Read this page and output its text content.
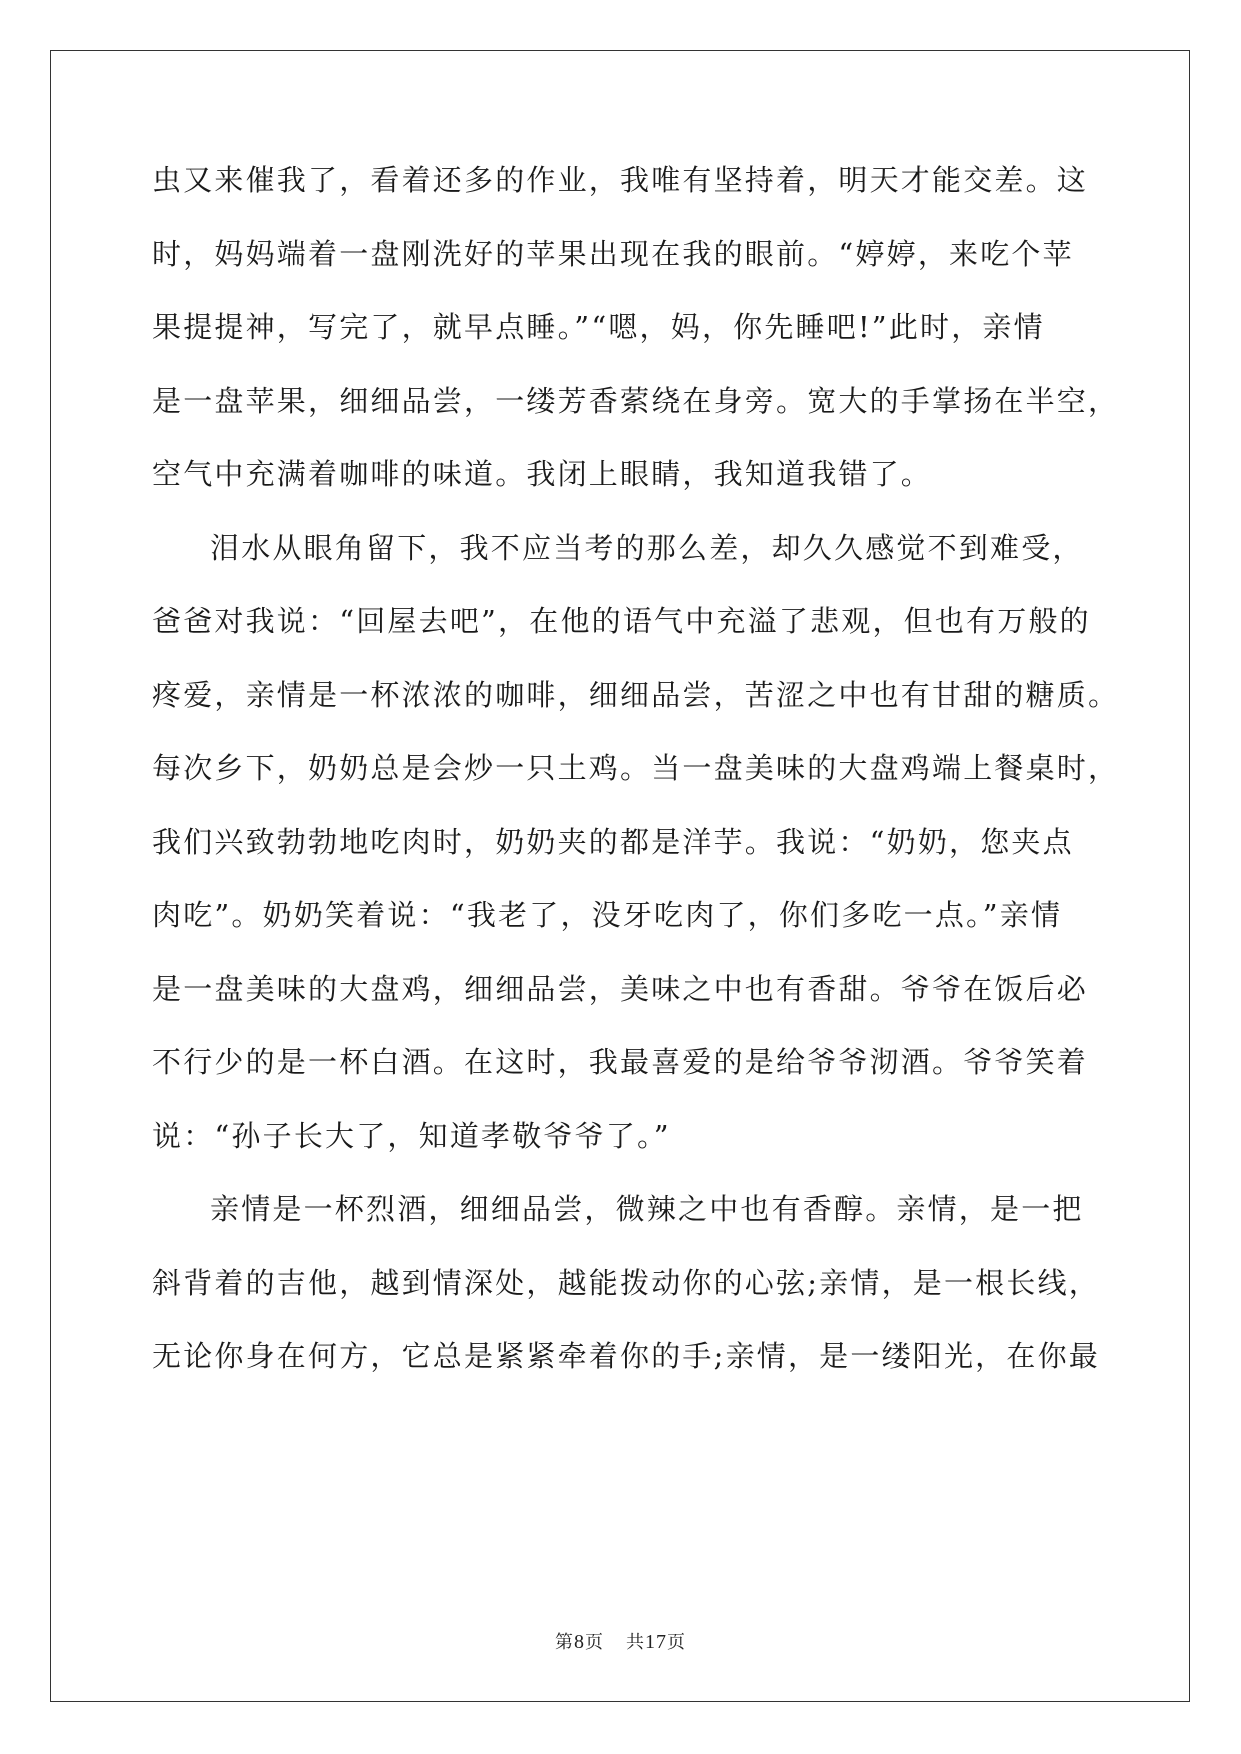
虫又来催我了，看着还多的作业，我唯有坚持着，明天才能交差。这
时，妈妈端着一盘刚洗好的苹果出现在我的眼前。“婷婷，来吃个苹
果提提神，写完了，就早点睡。”“嗯，妈，你先睡吧!”此时，亲情
是一盘苹果，细细品尝，一缕芳香萦绕在身旁。宽大的手掌扬在半空，
空气中充满着咖啡的味道。我闭上眼睛，我知道我错了。
泪水从眼角留下，我不应当考的那么差，却久久感觉不到难受，
爸爸对我说：“回屋去吧”，在他的语气中充溢了悲观，但也有万般的
疼爱，亲情是一杯浓浓的咖啡，细细品尝，苦涩之中也有甘甜的糖质。
每次乡下，奶奶总是会炒一只土鸡。当一盘美味的大盘鸡端上餐桌时，
我们兴致勃勃地吃肉时，奶奶夹的都是洋芋。我说：“奶奶，您夹点
肉吃”。奶奶笑着说：“我老了，没牙吃肉了，你们多吃一点。”亲情
是一盘美味的大盘鸡，细细品尝，美味之中也有香甜。爷爷在饭后必
不行少的是一杯白酒。在这时，我最喜爱的是给爷爷沏酒。爷爷笑着
说：“孙子长大了，知道孝敬爷爷了。”
亲情是一杯烈酒，细细品尝，微辣之中也有香醇。亲情，是一把
斜背着的吉他，越到情深处，越能拨动你的心弦;亲情，是一根长线，
无论你身在何方，它总是紧紧牵着你的手;亲情，是一缕阳光，在你最
第8页 共17页
